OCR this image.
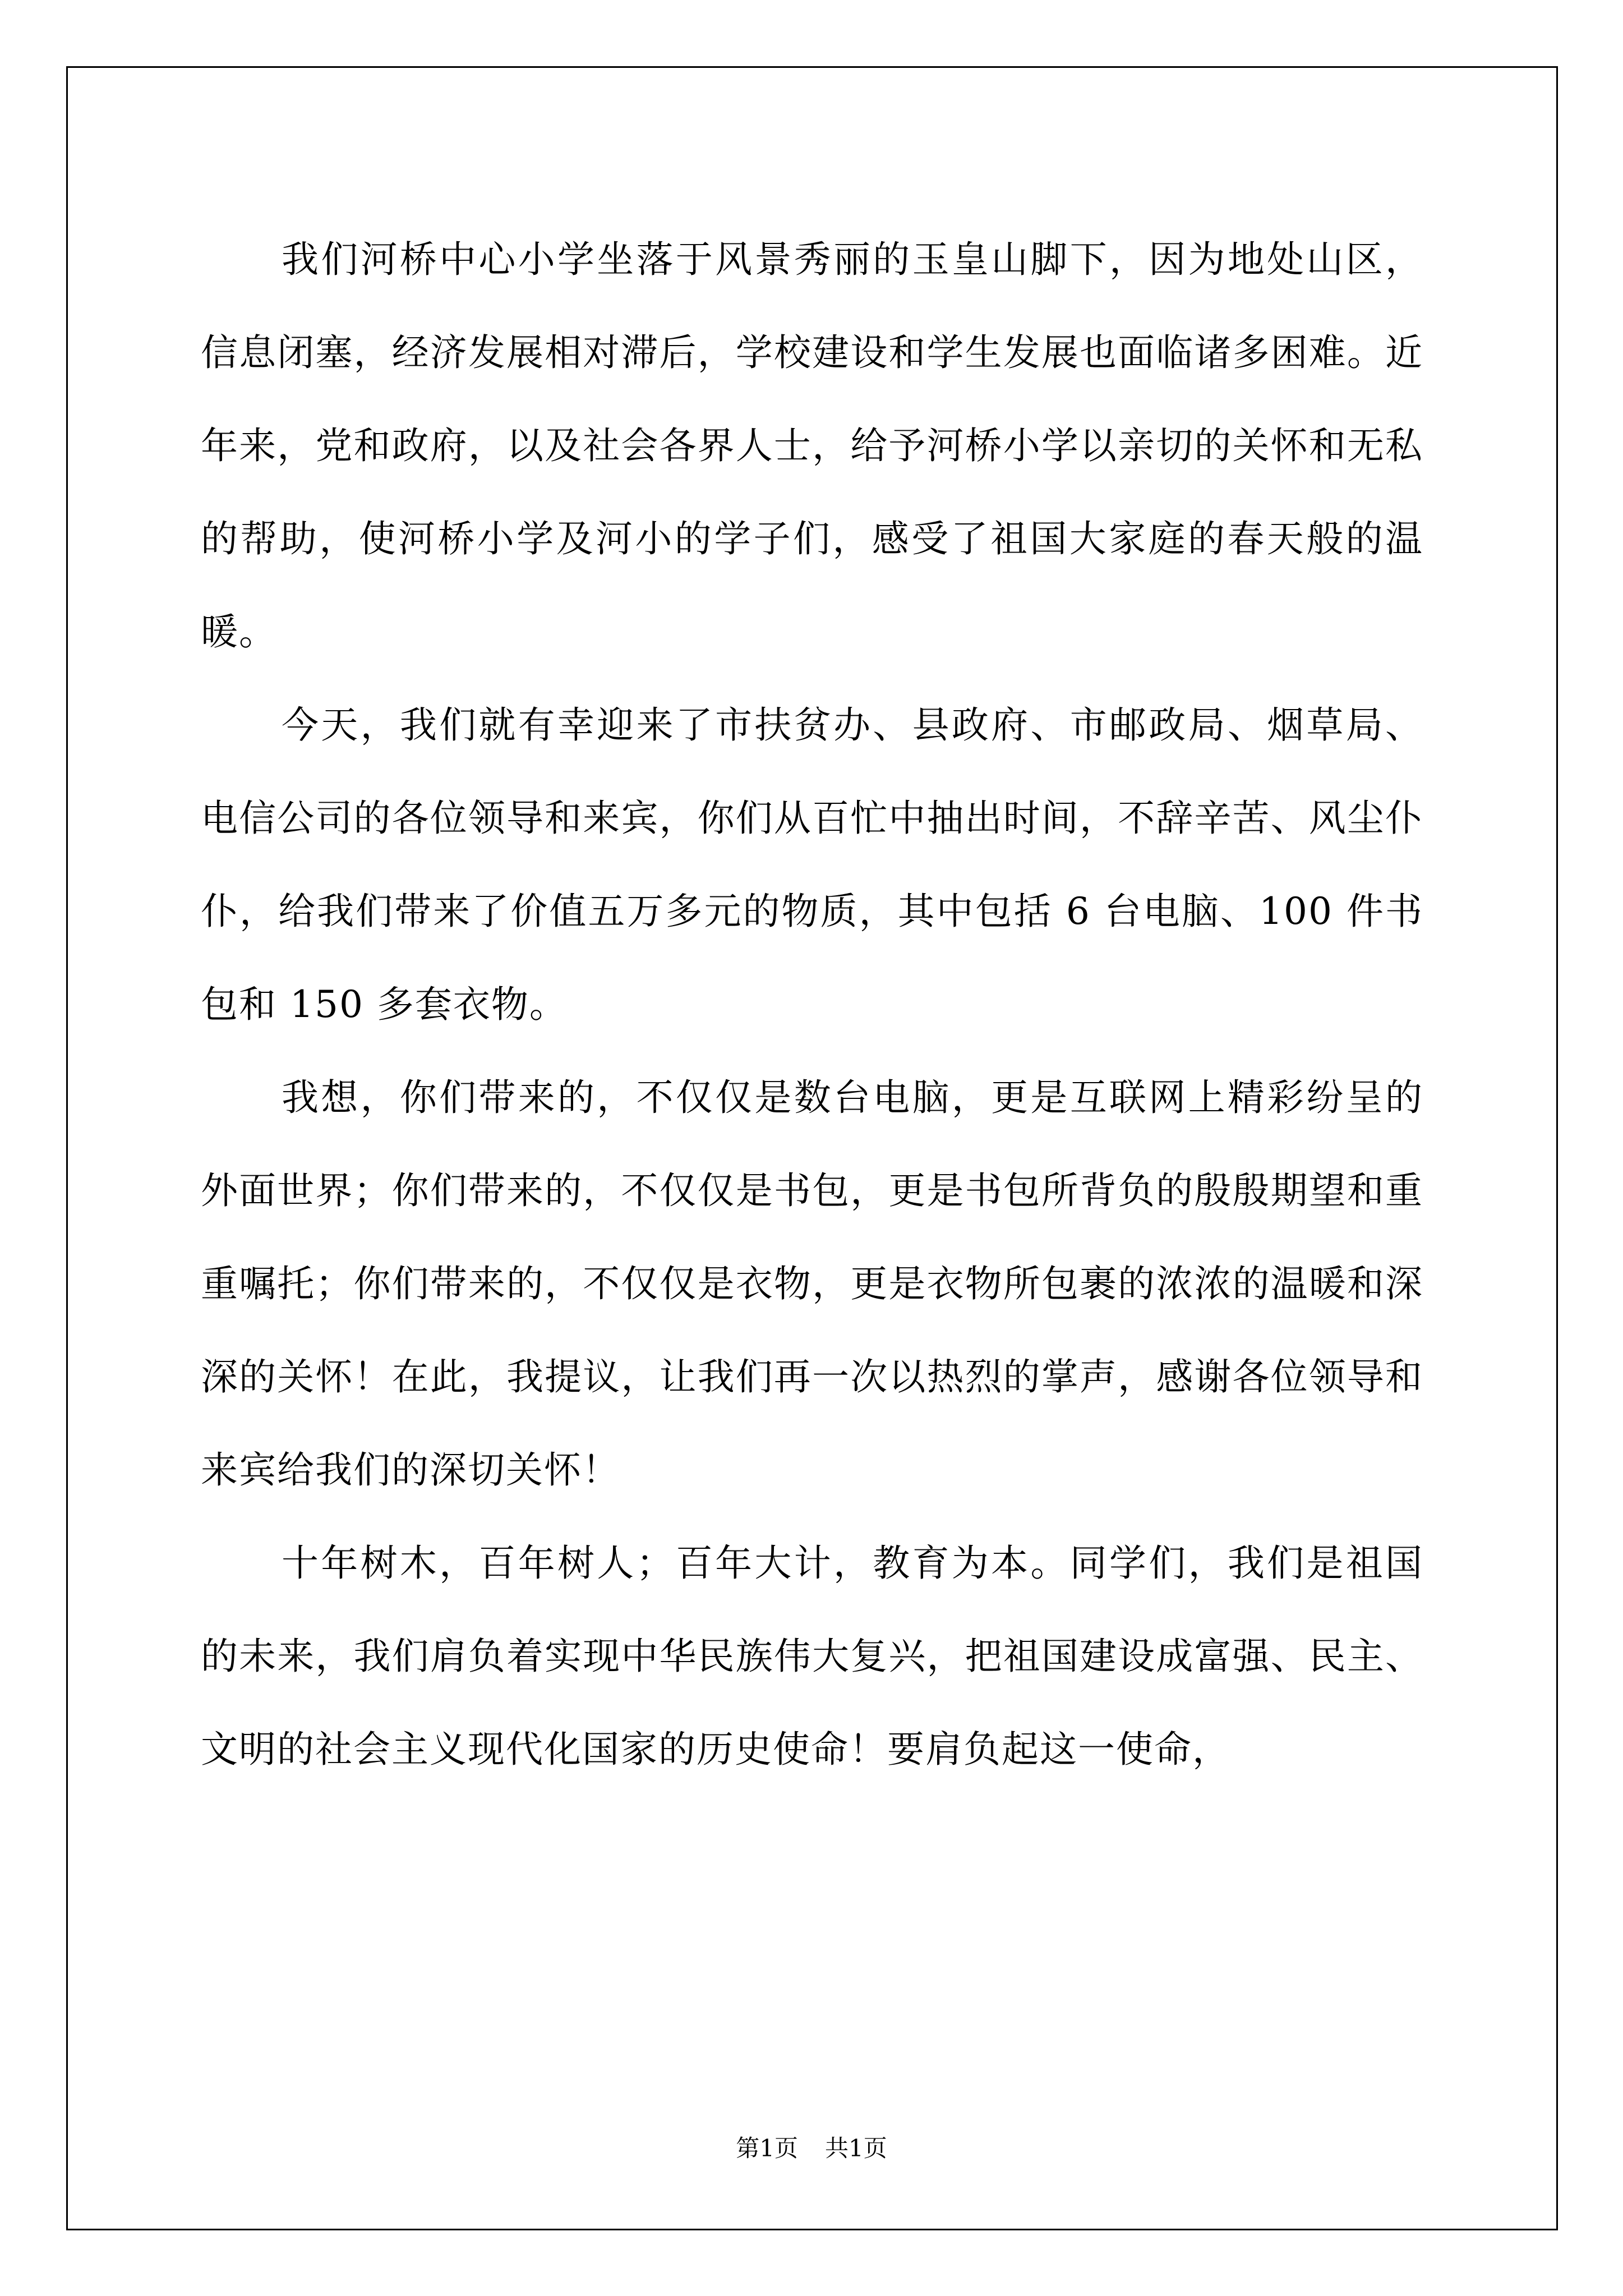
我们河桥中心小学坐落于风景秀丽的玉皇山脚下，因为地处山区，信息闭塞，经济发展相对滞后，学校建设和学生发展也面临诸多困难。近年来，党和政府，以及社会各界人士，给予河桥小学以亲切的关怀和无私的帮助，使河桥小学及河小的学子们，感受了祖国大家庭的春天般的温暖。

今天，我们就有幸迎来了市扶贫办、县政府、市邮政局、烟草局、电信公司的各位领导和来宾，你们从百忙中抽出时间，不辞辛苦、风尘仆仆，给我们带来了价值五万多元的物质，其中包括 6 台电脑、100 件书包和 150 多套衣物。

我想，你们带来的，不仅仅是数台电脑，更是互联网上精彩纷呈的外面世界；你们带来的，不仅仅是书包，更是书包所背负的殷殷期望和重重嘱托；你们带来的，不仅仅是衣物，更是衣物所包裹的浓浓的温暖和深深的关怀！在此，我提议，让我们再一次以热烈的掌声，感谢各位领导和来宾给我们的深切关怀！

十年树木，百年树人；百年大计，教育为本。同学们，我们是祖国的未来，我们肩负着实现中华民族伟大复兴，把祖国建设成富强、民主、文明的社会主义现代化国家的历史使命！要肩负起这一使命，

第1页 共1页
